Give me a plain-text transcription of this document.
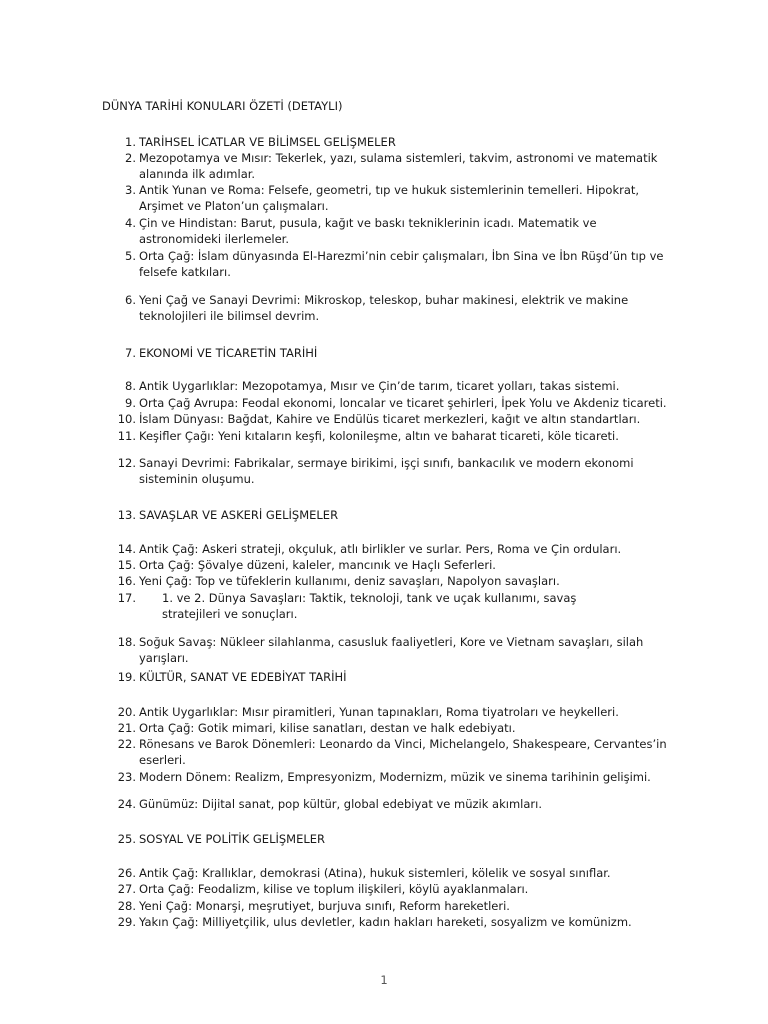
DÜNYA TARİHİ KONULARI ÖZETİ (DETAYLI)
1. TARİHSEL İCATLAR VE BİLİMSEL GELİŞMELER
2. Mezopotamya ve Mısır: Tekerlek, yazı, sulama sistemleri, takvim, astronomi ve matematik alanında ilk adımlar.
3. Antik Yunan ve Roma: Felsefe, geometri, tıp ve hukuk sistemlerinin temelleri. Hipokrat, Arşimet ve Platon’un çalışmaları.
4. Çin ve Hindistan: Barut, pusula, kağıt ve baskı tekniklerinin icadı. Matematik ve astronomideki ilerlemeler.
5. Orta Çağ: İslam dünyasında El-Harezmi’nin cebir çalışmaları, İbn Sina ve İbn Rüşd’ün tıp ve felsefe katkıları.
6. Yeni Çağ ve Sanayi Devrimi: Mikroskop, teleskop, buhar makinesi, elektrik ve makine teknolojileri ile bilimsel devrim.
7. EKONOMİ VE TİCARETİN TARİHİ
8. Antik Uygarlıklar: Mezopotamya, Mısır ve Çin’de tarım, ticaret yolları, takas sistemi.
9. Orta Çağ Avrupa: Feodal ekonomi, loncalar ve ticaret şehirleri, İpek Yolu ve Akdeniz ticareti.
10. İslam Dünyası: Bağdat, Kahire ve Endülüs ticaret merkezleri, kağıt ve altın standartları.
11. Keşifler Çağı: Yeni kıtaların keşfi, kolonileşme, altın ve baharat ticareti, köle ticareti.
12. Sanayi Devrimi: Fabrikalar, sermaye birikimi, işçi sınıfı, bankacılık ve modern ekonomi sisteminin oluşumu.
13. SAVAŞLAR VE ASKERİ GELİŞMELER
14. Antik Çağ: Askeri strateji, okçuluk, atlı birlikler ve surlar. Pers, Roma ve Çin orduları.
15. Orta Çağ: Şövalye düzeni, kaleler, mancınık ve Haçlı Seferleri.
16. Yeni Çağ: Top ve tüfeklerin kullanımı, deniz savaşları, Napolyon savaşları.
17. 1. ve 2. Dünya Savaşları: Taktik, teknoloji, tank ve uçak kullanımı, savaş stratejileri ve sonuçları.
18. Soğuk Savaş: Nükleer silahlanma, casusluk faaliyetleri, Kore ve Vietnam savaşları, silah yarışları.
19. KÜLTÜR, SANAT VE EDEBİYAT TARİHİ
20. Antik Uygarlıklar: Mısır piramitleri, Yunan tapınakları, Roma tiyatroları ve heykelleri.
21. Orta Çağ: Gotik mimari, kilise sanatları, destan ve halk edebiyatı.
22. Rönesans ve Barok Dönemleri: Leonardo da Vinci, Michelangelo, Shakespeare, Cervantes’in eserleri.
23. Modern Dönem: Realizm, Empresyonizm, Modernizm, müzik ve sinema tarihinin gelişimi.
24. Günümüz: Dijital sanat, pop kültür, global edebiyat ve müzik akımları.
25. SOSYAL VE POLİTİK GELİŞMELER
26. Antik Çağ: Krallıklar, demokrasi (Atina), hukuk sistemleri, kölelik ve sosyal sınıflar.
27. Orta Çağ: Feodalizm, kilise ve toplum ilişkileri, köylü ayaklanmaları.
28. Yeni Çağ: Monarşi, meşrutiyet, burjuva sınıfı, Reform hareketleri.
29. Yakın Çağ: Milliyetçilik, ulus devletler, kadın hakları hareketi, sosyalizm ve komünizm.
1
